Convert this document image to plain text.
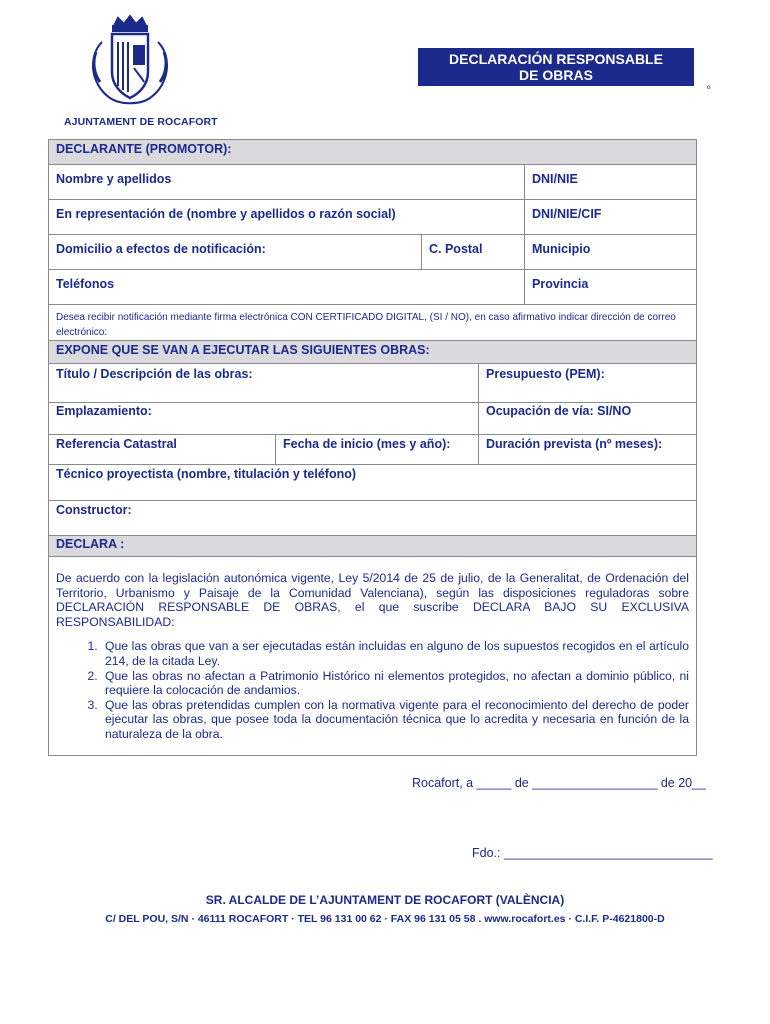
AJUNTAMENT DE ROCAFORT
DECLARACIÓN RESPONSABLE
DE OBRAS
º
DECLARANTE (PROMOTOR):
Nombre y apellidos	DNI/NIE
En representación de (nombre y apellidos o razón social)	DNI/NIE/CIF
Domicilio a efectos de notificación:	C. Postal	Municipio
Teléfonos	Provincia
Desea recibir notificación mediante firma electrónica CON CERTIFICADO DIGITAL, (SI / NO), en caso afirmativo indicar dirección de correo electrónico:
EXPONE QUE SE VAN A EJECUTAR LAS SIGUIENTES OBRAS:
Título / Descripción de las obras:	Presupuesto (PEM):
Emplazamiento:	Ocupación de vía: SI/NO
Referencia Catastral	Fecha de inicio (mes y año):	Duración prevista (nº meses):
Técnico proyectista (nombre, titulación y teléfono)
Constructor:
DECLARA :

De acuerdo con la legislación autonómica vigente, Ley 5/2014 de 25 de julio, de la Generalitat, de Ordenación del Territorio, Urbanismo y Paisaje de la Comunidad Valenciana), según las disposiciones reguladoras sobre DECLARACIÓN RESPONSABLE DE OBRAS, el que suscribe DECLARA BAJO SU EXCLUSIVA RESPONSABILIDAD:

1. Que las obras que van a ser ejecutadas están incluidas en alguno de los supuestos recogidos en el artículo 214, de la citada Ley.
2. Que las obras no afectan a Patrimonio Histórico ni elementos protegidos, no afectan a dominio público, ni requiere la colocación de andamios.
3. Que las obras pretendidas cumplen con la normativa vigente para el reconocimiento del derecho de poder ejecutar las obras, que posee toda la documentación técnica que lo acredita y necesaria en función de la naturaleza de la obra.
Rocafort, a _____ de __________________ de 20__
Fdo.: ______________________________
SR. ALCALDE DE L’AJUNTAMENT DE ROCAFORT (VALÈNCIA)
C/ DEL POU, S/N · 46111 ROCAFORT · TEL 96 131 00 62 · FAX 96 131 05 58 . www.rocafort.es · C.I.F. P-4621800-D
